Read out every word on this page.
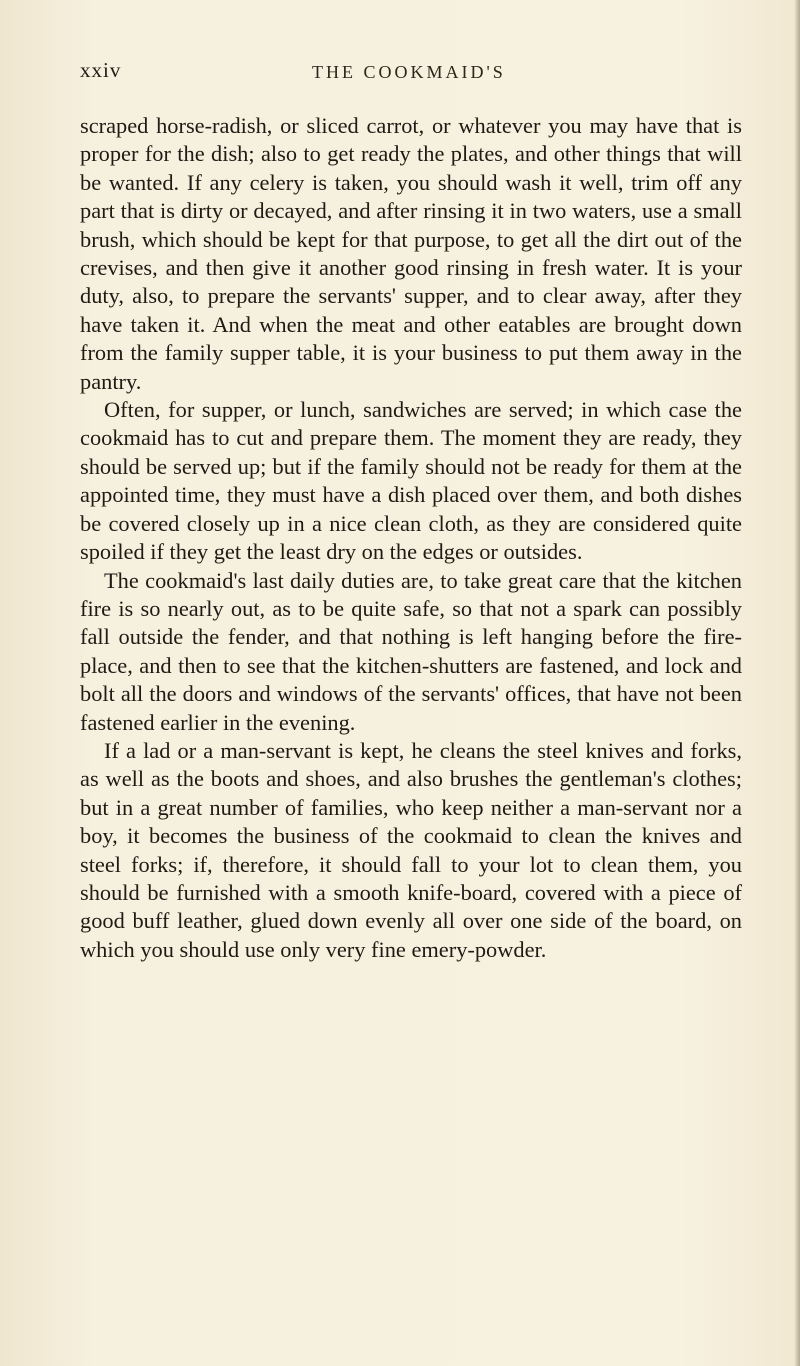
xxiv	THE COOKMAID'S

scraped horse-radish, or sliced carrot, or whatever you may have that is proper for the dish; also to get ready the plates, and other things that will be wanted. If any celery is taken, you should wash it well, trim off any part that is dirty or decayed, and after rinsing it in two waters, use a small brush, which should be kept for that purpose, to get all the dirt out of the crevises, and then give it another good rinsing in fresh water. It is your duty, also, to prepare the servants' supper, and to clear away, after they have taken it. And when the meat and other eatables are brought down from the family supper table, it is your business to put them away in the pantry.

Often, for supper, or lunch, sandwiches are served; in which case the cookmaid has to cut and prepare them. The moment they are ready, they should be served up; but if the family should not be ready for them at the appointed time, they must have a dish placed over them, and both dishes be covered closely up in a nice clean cloth, as they are considered quite spoiled if they get the least dry on the edges or outsides.

The cookmaid's last daily duties are, to take great care that the kitchen fire is so nearly out, as to be quite safe, so that not a spark can possibly fall outside the fender, and that nothing is left hanging before the fire-place, and then to see that the kitchen-shutters are fastened, and lock and bolt all the doors and windows of the servants' offices, that have not been fastened earlier in the evening.

If a lad or a man-servant is kept, he cleans the steel knives and forks, as well as the boots and shoes, and also brushes the gentleman's clothes; but in a great number of families, who keep neither a man-servant nor a boy, it becomes the business of the cookmaid to clean the knives and steel forks; if, therefore, it should fall to your lot to clean them, you should be furnished with a smooth knife-board, covered with a piece of good buff leather, glued down evenly all over one side of the board, on which you should use only very fine emery-powder.
